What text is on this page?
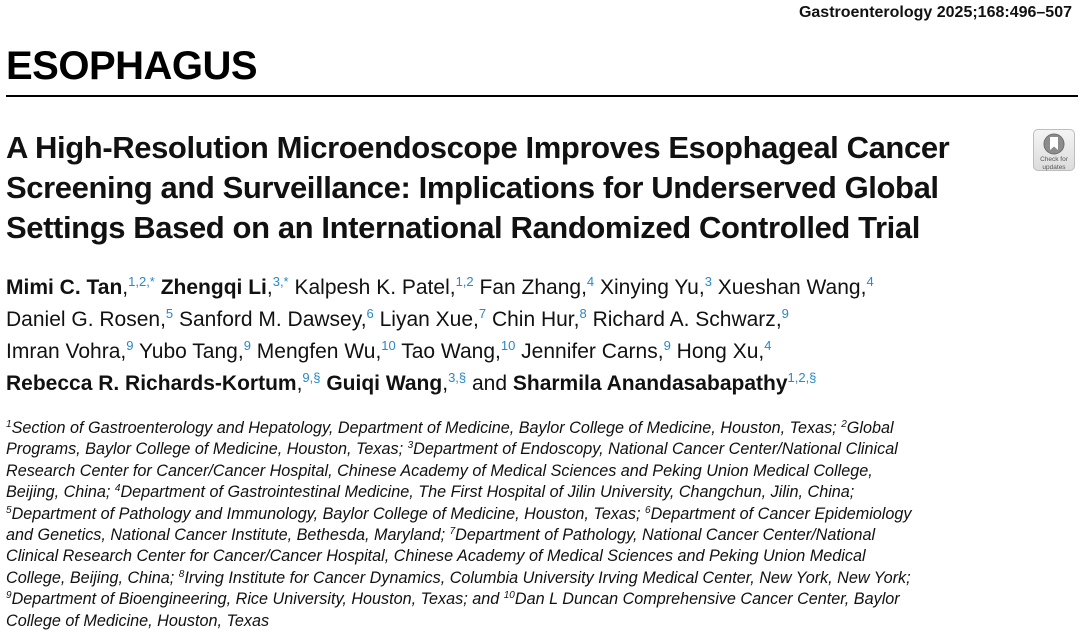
Gastroenterology 2025;168:496–507
ESOPHAGUS
A High-Resolution Microendoscope Improves Esophageal Cancer
Screening and Surveillance: Implications for Underserved Global
Settings Based on an International Randomized Controlled Trial
Check for
updates
Mimi C. Tan,$^{1,2,*}$ Zhengqi Li,$^{3,*}$ Kalpesh K. Patel,$^{1,2}$ Fan Zhang,$^4$ Xinying Yu,$^3$ Xueshan Wang,$^4$
Daniel G. Rosen,$^5$ Sanford M. Dawsey,$^6$ Liyan Xue,$^7$ Chin Hur,$^8$ Richard A. Schwarz,$^9$
Imran Vohra,$^9$ Yubo Tang,$^9$ Mengfen Wu,$^{10}$ Tao Wang,$^{10}$ Jennifer Carns,$^9$ Hong Xu,$^4$
Rebecca R. Richards-Kortum,$^{9,\S}$ Guiqi Wang,$^{3,\S}$ and Sharmila Anandasabapathy$^{1,2,\S}$
$^1$Section of Gastroenterology and Hepatology, Department of Medicine, Baylor College of Medicine, Houston, Texas; $^2$Global
Programs, Baylor College of Medicine, Houston, Texas; $^3$Department of Endoscopy, National Cancer Center/National Clinical
Research Center for Cancer/Cancer Hospital, Chinese Academy of Medical Sciences and Peking Union Medical College,
Beijing, China; $^4$Department of Gastrointestinal Medicine, The First Hospital of Jilin University, Changchun, Jilin, China;
$^5$Department of Pathology and Immunology, Baylor College of Medicine, Houston, Texas; $^6$Department of Cancer Epidemiology
and Genetics, National Cancer Institute, Bethesda, Maryland; $^7$Department of Pathology, National Cancer Center/National
Clinical Research Center for Cancer/Cancer Hospital, Chinese Academy of Medical Sciences and Peking Union Medical
College, Beijing, China; $^8$Irving Institute for Cancer Dynamics, Columbia University Irving Medical Center, New York, New York;
$^9$Department of Bioengineering, Rice University, Houston, Texas; and $^{10}$Dan L Duncan Comprehensive Cancer Center, Baylor
College of Medicine, Houston, Texas
